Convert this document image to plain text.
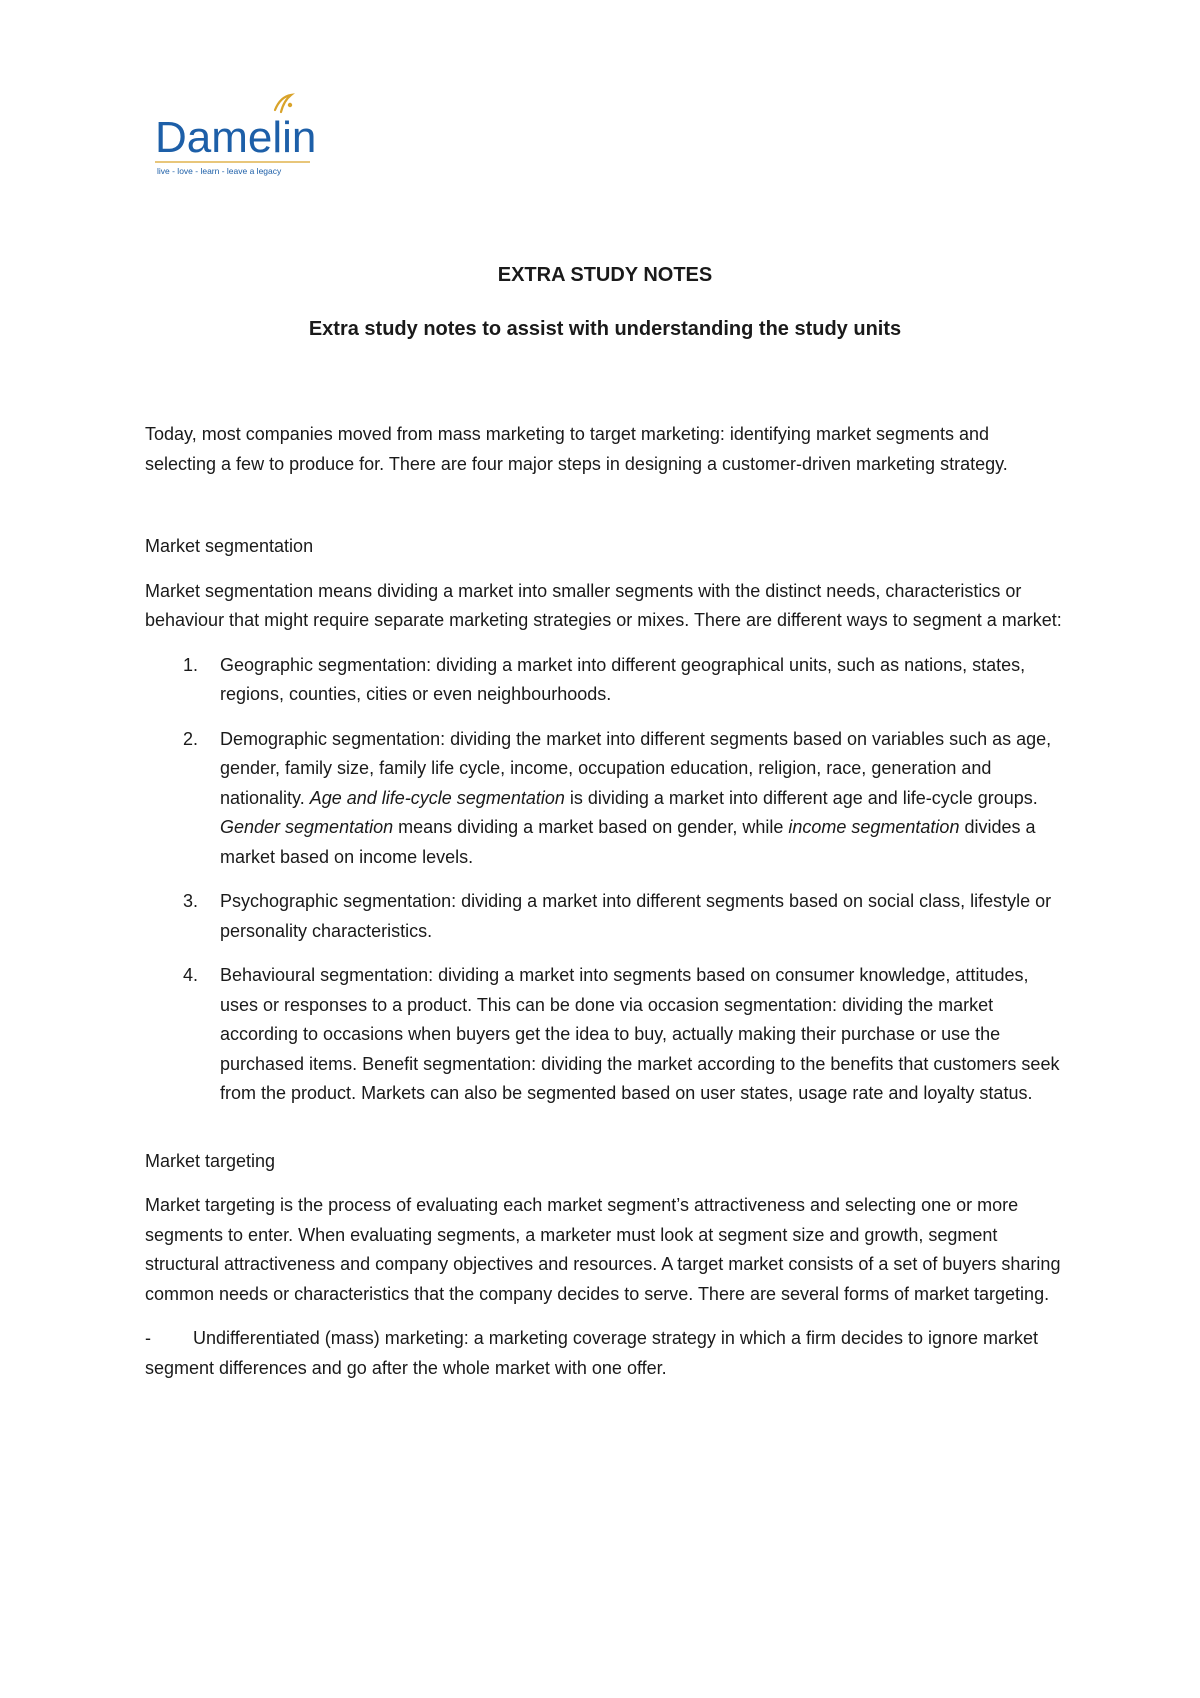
Damelin
live - love - learn - leave a legacy
EXTRA STUDY NOTES
Extra study notes to assist with understanding the study units

Today, most companies moved from mass marketing to target marketing: identifying market segments and selecting a few to produce for. There are four major steps in designing a customer-driven marketing strategy.

Market segmentation

Market segmentation means dividing a market into smaller segments with the distinct needs, characteristics or behaviour that might require separate marketing strategies or mixes. There are different ways to segment a market:

1. Geographic segmentation: dividing a market into different geographical units, such as nations, states, regions, counties, cities or even neighbourhoods.
2. Demographic segmentation: dividing the market into different segments based on variables such as age, gender, family size, family life cycle, income, occupation education, religion, race, generation and nationality. Age and life-cycle segmentation is dividing a market into different age and life-cycle groups. Gender segmentation means dividing a market based on gender, while income segmentation divides a market based on income levels.
3. Psychographic segmentation: dividing a market into different segments based on social class, lifestyle or personality characteristics.
4. Behavioural segmentation: dividing a market into segments based on consumer knowledge, attitudes, uses or responses to a product. This can be done via occasion segmentation: dividing the market according to occasions when buyers get the idea to buy, actually making their purchase or use the purchased items. Benefit segmentation: dividing the market according to the benefits that customers seek from the product. Markets can also be segmented based on user states, usage rate and loyalty status.

Market targeting

Market targeting is the process of evaluating each market segment’s attractiveness and selecting one or more segments to enter. When evaluating segments, a marketer must look at segment size and growth, segment structural attractiveness and company objectives and resources. A target market consists of a set of buyers sharing common needs or characteristics that the company decides to serve. There are several forms of market targeting.

- Undifferentiated (mass) marketing: a marketing coverage strategy in which a firm decides to ignore market segment differences and go after the whole market with one offer.
